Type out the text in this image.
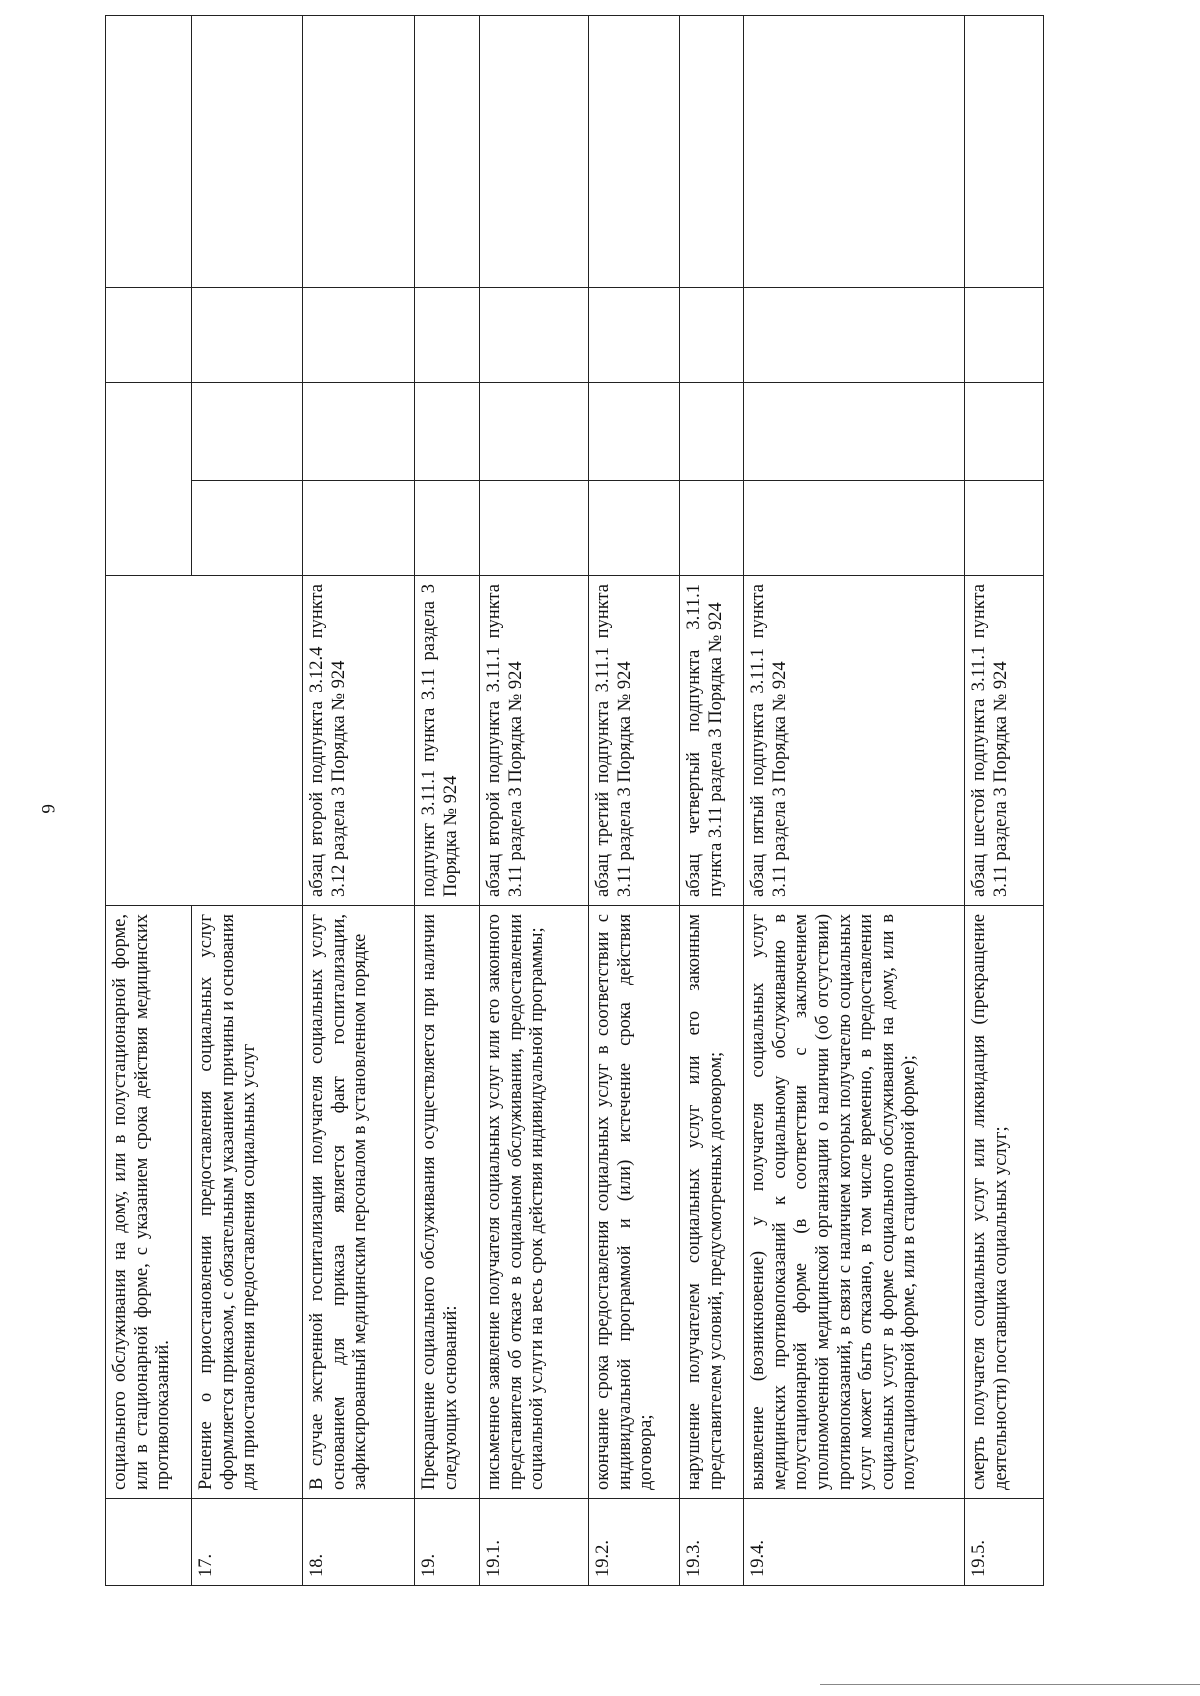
6
	социального обслуживания на дому, или в полустационарной форме, или в стационарной форме, с указанием срока действия медицинских противопоказаний.					
17.	Решение о приостановлении предоставления социальных услуг оформляется приказом, с обязательным указанием причины и основания для приостановления предоставления социальных услуг					
18.	В случае экстренной госпитализации получателя социальных услуг основанием для приказа является факт госпитализации, зафиксированный медицинским персоналом в установленном порядке	абзац второй подпункта 3.12.4 пункта 3.12 раздела 3 Порядка № 924				
19.	Прекращение социального обслуживания осуществляется при наличии следующих оснований:	подпункт 3.11.1 пункта 3.11 раздела 3 Порядка № 924				
19.1.	письменное заявление получателя социальных услуг или его законного представителя об отказе в социальном обслуживании, предоставлении социальной услуги на весь срок действия индивидуальной программы;	абзац второй подпункта 3.11.1 пункта 3.11 раздела 3 Порядка № 924				
19.2.	окончание срока предоставления социальных услуг в соответствии с индивидуальной программой и (или) истечение срока действия договора;	абзац третий подпункта 3.11.1 пункта 3.11 раздела 3 Порядка № 924				
19.3.	нарушение получателем социальных услуг или его законным представителем условий, предусмотренных договором;	абзац четвертый подпункта 3.11.1 пункта 3.11 раздела 3 Порядка № 924				
19.4.	выявление (возникновение) у получателя социальных услуг медицинских противопоказаний к социальному обслуживанию в полустационарной форме (в соответствии с заключением уполномоченной медицинской организации о наличии (об отсутствии) противопоказаний, в связи с наличием которых получателю социальных услуг может быть отказано, в том числе временно, в предоставлении социальных услуг в форме социального обслуживания на дому, или в полустационарной форме, или в стационарной форме);	абзац пятый подпункта 3.11.1 пункта 3.11 раздела 3 Порядка № 924				
19.5.	смерть получателя социальных услуг или ликвидация (прекращение деятельности) поставщика социальных услуг;	абзац шестой подпункта 3.11.1 пункта 3.11 раздела 3 Порядка № 924				
